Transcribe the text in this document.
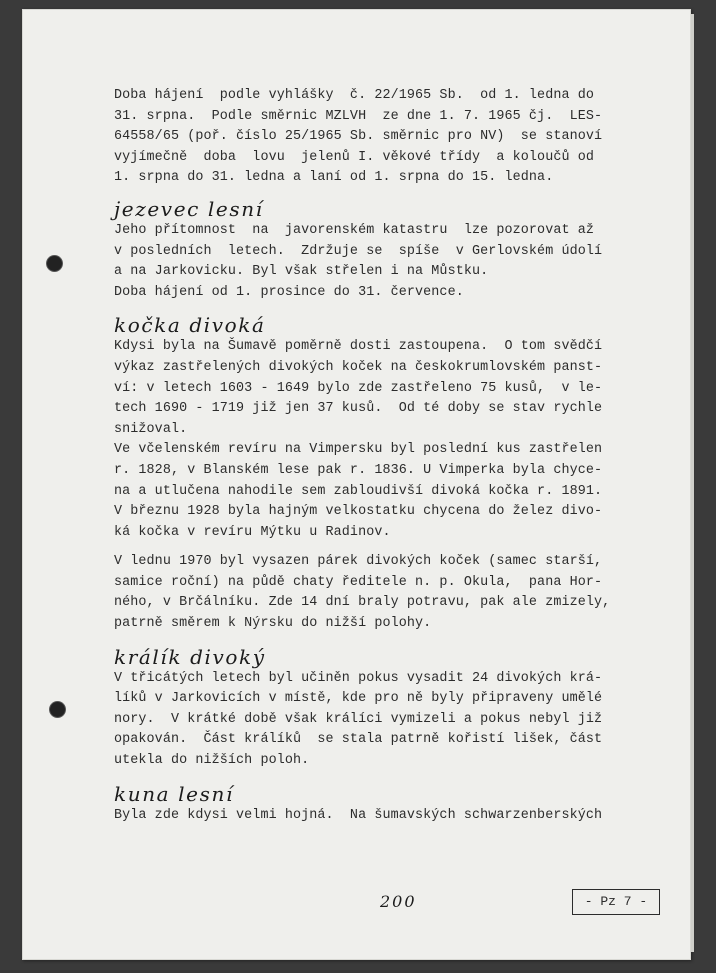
Doba hájení  podle vyhlášky  č. 22/1965 Sb.  od 1. ledna do
31. srpna.  Podle směrnic MZLVH  ze dne 1. 7. 1965 čj.  LES-
64558/65 (poř. číslo 25/1965 Sb. směrnic pro NV)  se stanoví
vyjímečně  doba  lovu  jelenů I. věkové třídy  a koloučů od
1. srpna do 31. ledna a laní od 1. srpna do 15. ledna.

jezevec lesní

Jeho přítomnost  na  javorenském katastru  lze pozorovat až
v posledních  letech.  Zdržuje se  spíše  v Gerlovském údolí
a na Jarkovicku. Byl však střelen i na Můstku.
Doba hájení od 1. prosince do 31. července.

kočka divoká

Kdysi byla na Šumavě poměrně dosti zastoupena.  O tom svědčí
výkaz zastřelených divokých koček na českokrumlovském panst-
ví: v letech 1603 - 1649 bylo zde zastřeleno 75 kusů,  v le-
tech 1690 - 1719 již jen 37 kusů.  Od té doby se stav rychle
snižoval.
Ve včelenském revíru na Vimpersku byl poslední kus zastřelen
r. 1828, v Blanském lese pak r. 1836. U Vimperka byla chyce-
na a utlučena nahodile sem zabloudivší divoká kočka r. 1891.
V březnu 1928 byla hajným velkostatku chycena do želez divo-
ká kočka v revíru Mýtku u Radinov.

V lednu 1970 byl vysazen párek divokých koček (samec starší,
samice roční) na půdě chaty ředitele n. p. Okula,  pana Hor-
ného, v Brčálníku. Zde 14 dní braly potravu, pak ale zmizely,
patrně směrem k Nýrsku do nižší polohy.

králík divoký

V třicátých letech byl učiněn pokus vysadit 24 divokých krá-
líků v Jarkovicích v místě, kde pro ně byly připraveny umělé
nory.  V krátké době však králíci vymizeli a pokus nebyl již
opakován.  Část králíků  se stala patrně kořistí lišek, část
utekla do nižších poloh.

kuna lesní

Byla zde kdysi velmi hojná.  Na šumavských schwarzenberských

200	- Pz 7 -
